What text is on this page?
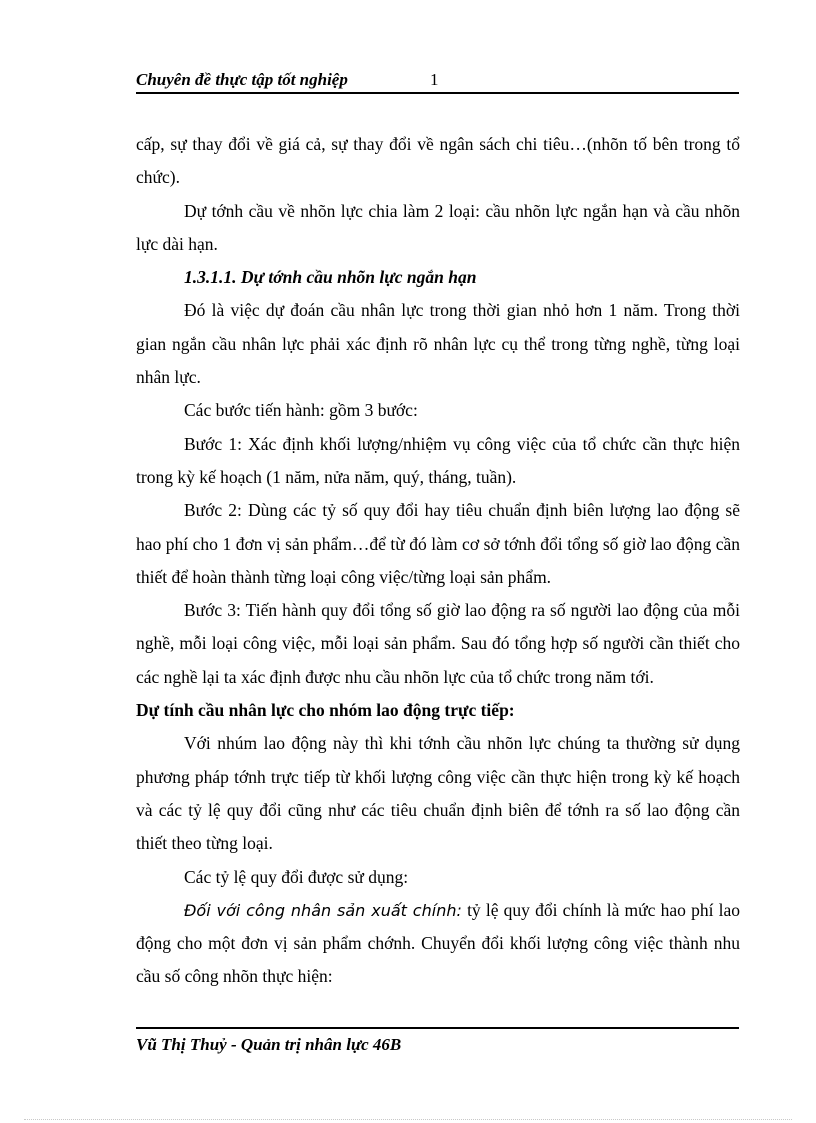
Chuyên đề thực tập tốt nghiệp	1

cấp, sự thay đổi về giá cả, sự thay đổi về ngân sách chi tiêu…(nhõn tố bên trong tổ chức).

Dự tớnh cầu về nhõn lực chia làm 2 loại: cầu nhõn lực ngắn hạn và cầu nhõn lực dài hạn.

1.3.1.1. Dự tớnh cầu nhõn lực ngắn hạn

Đó là việc dự đoán cầu nhân lực trong thời gian nhỏ hơn 1 năm. Trong thời gian ngắn cầu nhân lực phải xác định rõ nhân lực cụ thể trong từng nghề, từng loại nhân lực.

Các bước tiến hành: gồm 3 bước:

Bước 1: Xác định khối lượng/nhiệm vụ công việc của tổ chức cần thực hiện trong kỳ kế hoạch (1 năm, nửa năm, quý, tháng, tuần).

Bước 2: Dùng các tỷ số quy đổi hay tiêu chuẩn định biên lượng lao động sẽ hao phí cho 1 đơn vị sản phẩm…để từ đó làm cơ sở tớnh đổi tổng số giờ lao động cần thiết để hoàn thành từng loại công việc/từng loại sản phẩm.

Bước 3: Tiến hành quy đổi tổng số giờ lao động ra số người lao động của mỗi nghề, mỗi loại công việc, mỗi loại sản phẩm. Sau đó tổng hợp số người cần thiết cho các nghề lại ta xác định được nhu cầu nhõn lực của tổ chức trong năm tới.

Dự tính cầu nhân lực cho nhóm lao động trực tiếp:

Với nhúm lao động này thì khi tớnh cầu nhõn lực chúng ta thường sử dụng phương pháp tớnh trực tiếp từ khối lượng công việc cần thực hiện trong kỳ kế hoạch và các tỷ lệ quy đổi cũng như các tiêu chuẩn định biên để tớnh ra số lao động cần thiết theo từng loại.

Các tỷ lệ quy đổi được sử dụng:

Đối với công nhân sản xuất chính: tỷ lệ quy đổi chính là mức hao phí lao động cho một đơn vị sản phẩm chớnh. Chuyển đổi khối lượng công việc thành nhu cầu số công nhõn thực hiện:

Vũ Thị Thuỷ - Quản trị nhân lực 46B
